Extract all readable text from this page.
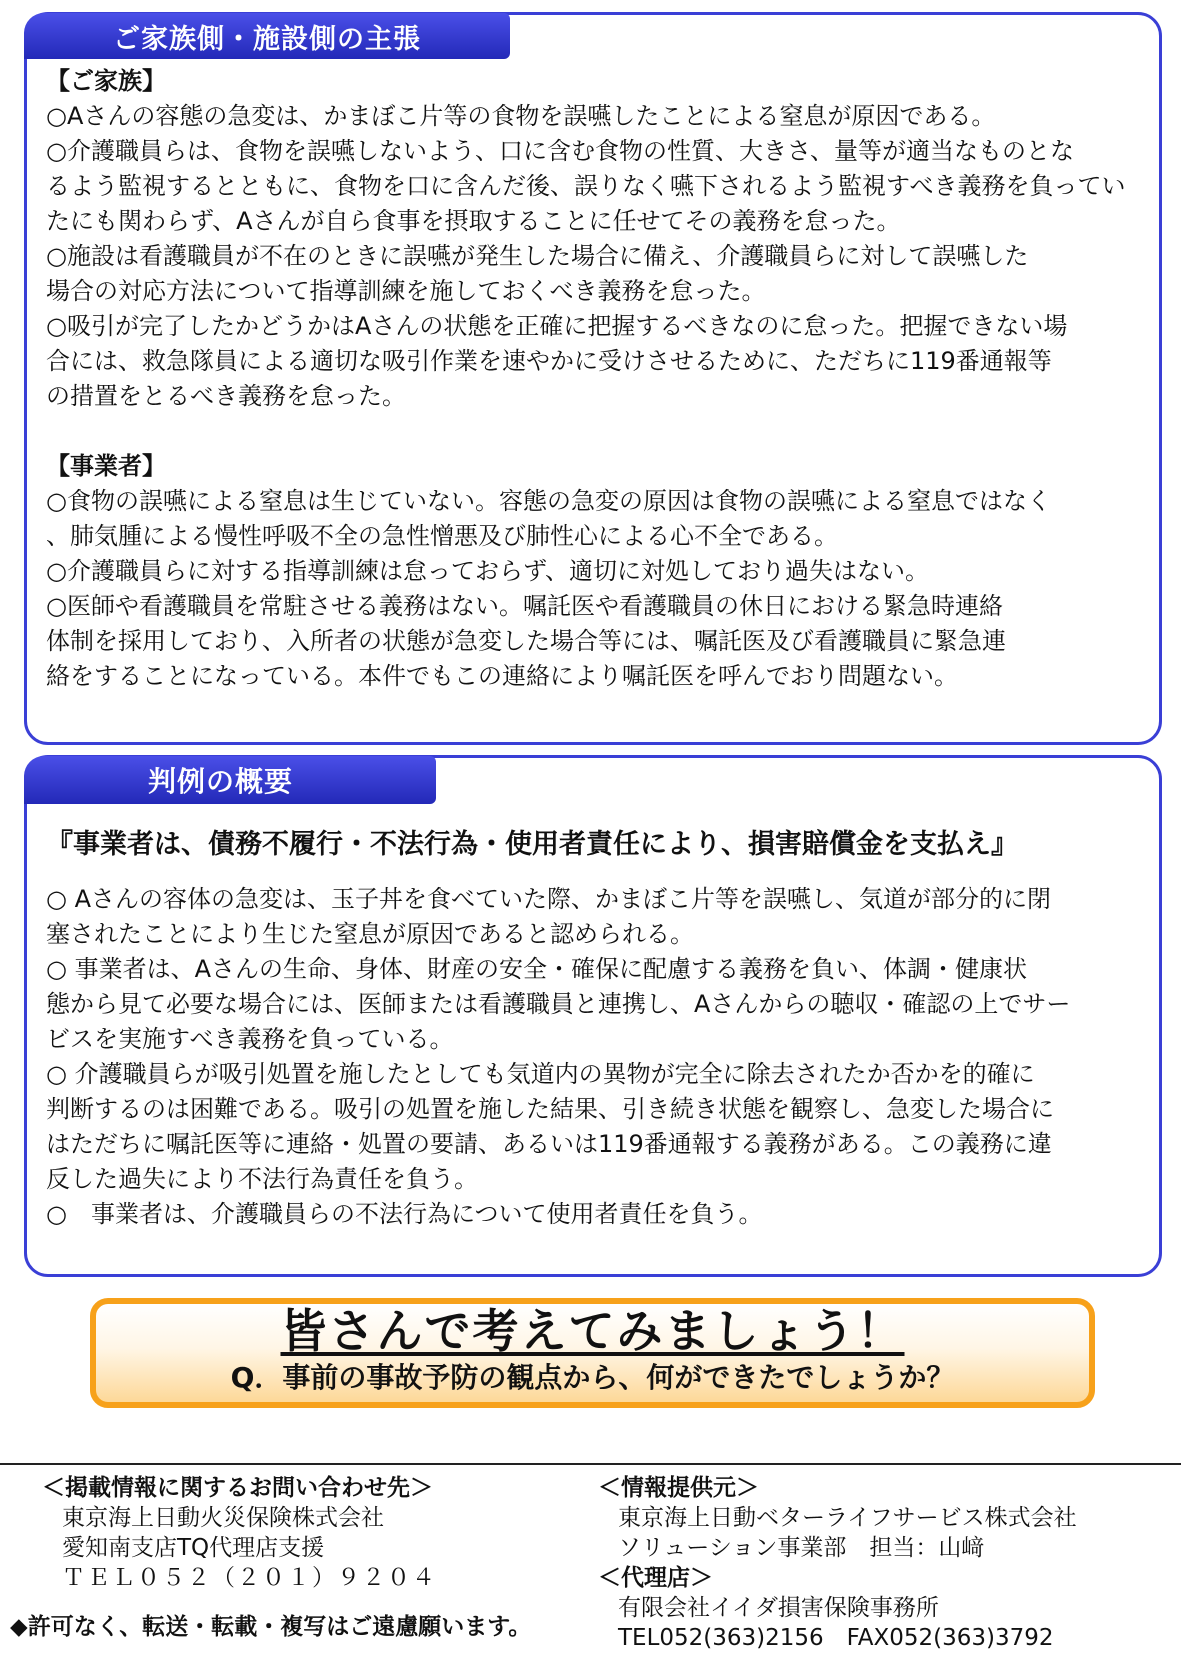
ご家族側・施設側の主張
【ご家族】
○Aさんの容態の急変は、かまぼこ片等の食物を誤嚥したことによる窒息が原因である。
○介護職員らは、食物を誤嚥しないよう、口に含む食物の性質、大きさ、量等が適当なものとな
るよう監視するとともに、食物を口に含んだ後、誤りなく嚥下されるよう監視すべき義務を負ってい
たにも関わらず、Aさんが自ら食事を摂取することに任せてその義務を怠った。
○施設は看護職員が不在のときに誤嚥が発生した場合に備え、介護職員らに対して誤嚥した
場合の対応方法について指導訓練を施しておくべき義務を怠った。
○吸引が完了したかどうかはAさんの状態を正確に把握するべきなのに怠った。把握できない場
合には、救急隊員による適切な吸引作業を速やかに受けさせるために、ただちに119番通報等
の措置をとるべき義務を怠った。
【事業者】
○食物の誤嚥による窒息は生じていない。容態の急変の原因は食物の誤嚥による窒息ではなく
、肺気腫による慢性呼吸不全の急性憎悪及び肺性心による心不全である。
○介護職員らに対する指導訓練は怠っておらず、適切に対処しており過失はない。
○医師や看護職員を常駐させる義務はない。嘱託医や看護職員の休日における緊急時連絡
体制を採用しており、入所者の状態が急変した場合等には、嘱託医及び看護職員に緊急連
絡をすることになっている。本件でもこの連絡により嘱託医を呼んでおり問題ない。
判例の概要
『事業者は、債務不履行・不法行為・使用者責任により、損害賠償金を支払え』
○ Aさんの容体の急変は、玉子丼を食べていた際、かまぼこ片等を誤嚥し、気道が部分的に閉
塞されたことにより生じた窒息が原因であると認められる。
○ 事業者は、Aさんの生命、身体、財産の安全・確保に配慮する義務を負い、体調・健康状
態から見て必要な場合には、医師または看護職員と連携し、Aさんからの聴収・確認の上でサー
ビスを実施すべき義務を負っている。
○ 介護職員らが吸引処置を施したとしても気道内の異物が完全に除去されたか否かを的確に
判断するのは困難である。吸引の処置を施した結果、引き続き状態を観察し、急変した場合に
はただちに嘱託医等に連絡・処置の要請、あるいは119番通報する義務がある。この義務に違
反した過失により不法行為責任を負う。
○　事業者は、介護職員らの不法行為について使用者責任を負う。
皆さんで考えてみましょう！
Q．事前の事故予防の観点から、何ができたでしょうか？
＜掲載情報に関するお問い合わせ先＞
東京海上日動火災保険株式会社
愛知南支店TQ代理店支援
ＴＥＬ０５２（２０１）９２０４
◆許可なく、転送・転載・複写はご遠慮願います。
＜情報提供元＞
東京海上日動ベターライフサービス株式会社
ソリューション事業部　担当：山﨑
＜代理店＞
有限会社イイダ損害保険事務所
TEL052(363)2156　FAX052(363)3792
